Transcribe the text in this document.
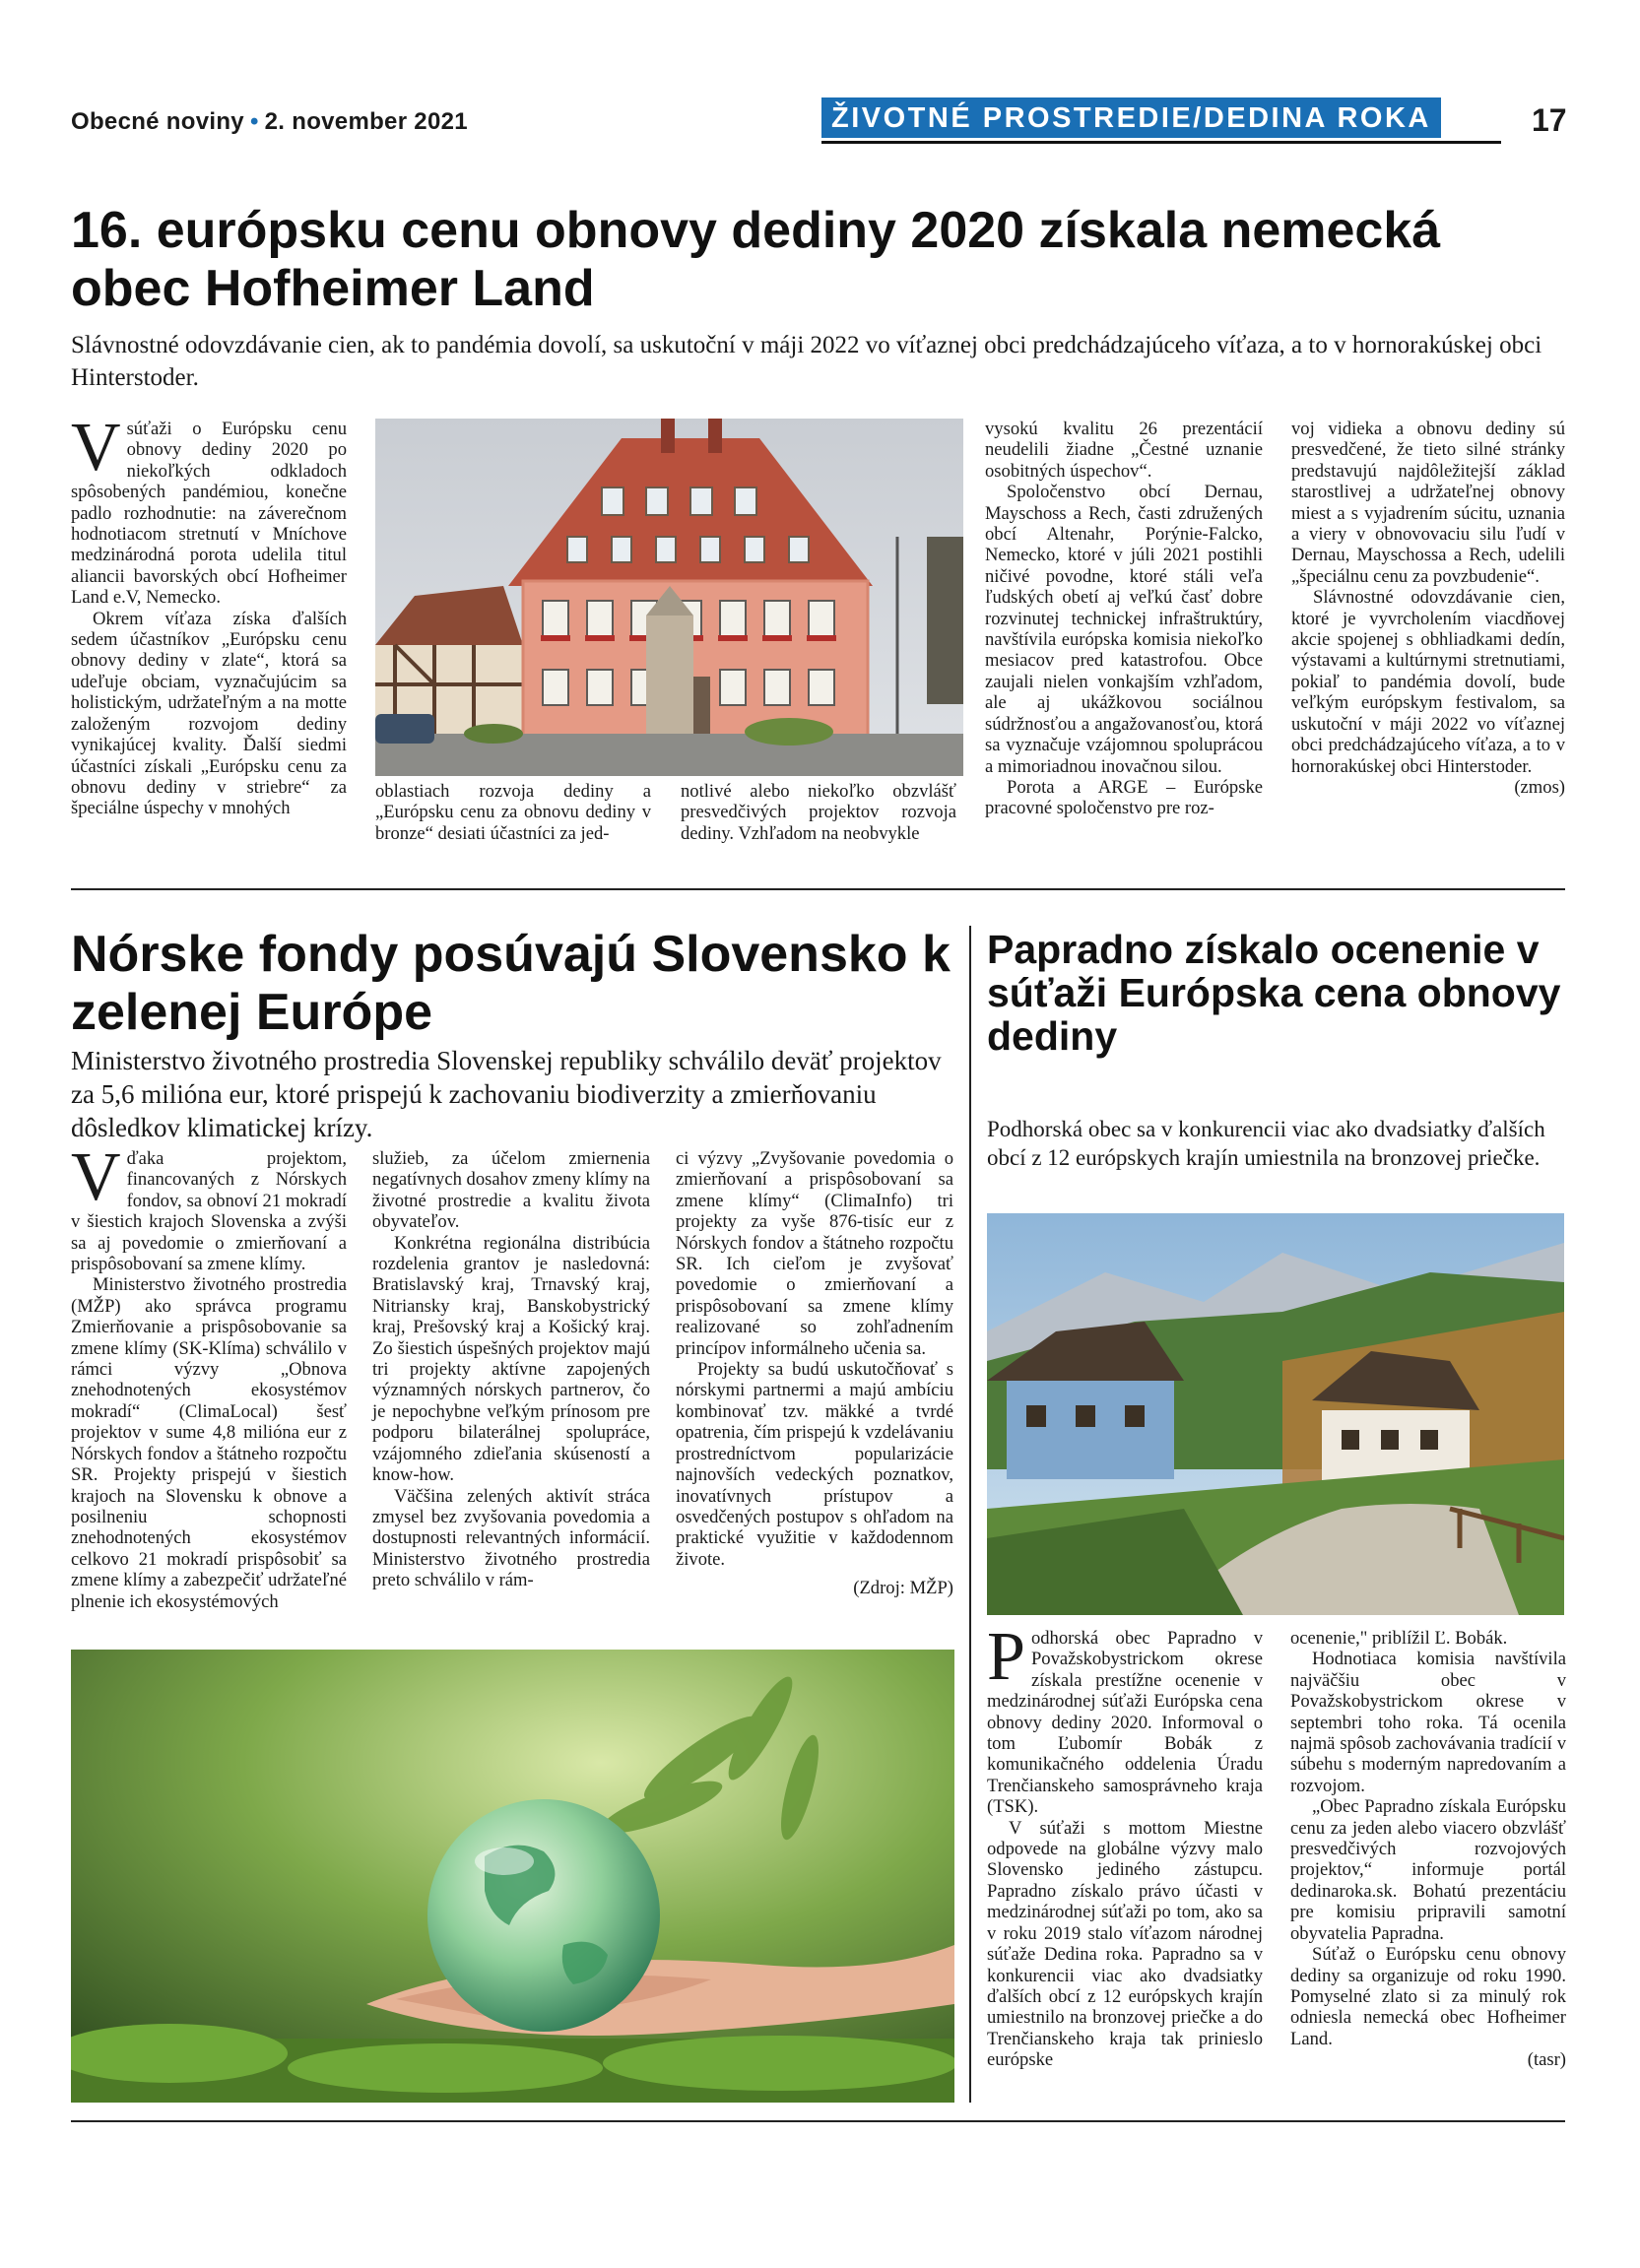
Obecné noviny • 2. november 2021	ŽIVOTNÉ PROSTREDIE/DEDINA ROKA	17
16. európsku cenu obnovy dediny 2020 získala nemecká obec Hofheimer Land
Slávnostné odovzdávanie cien, ak to pandémia dovolí, sa uskutoční v máji 2022 vo víťaznej obci predchádzajúceho víťaza, a to v hornorakúskej obci Hinterstoder.

Vsúťaži o Európsku cenu obnovy dediny 2020 po niekoľkých odkladoch spôsobených pandémiou, konečne padlo rozhodnutie: na záverečnom hodnotiacom stretnutí v Mníchove medzinárodná porota udelila titul aliancii bavorských obcí Hofheimer Land e.V, Nemecko.

Okrem víťaza získa ďalších sedem účastníkov „Európsku cenu obnovy dediny v zlate“, ktorá sa udeľuje obciam, vyznačujúcim sa holistickým, udržateľným a na motte založeným rozvojom dediny vynikajúcej kvality. Ďalší siedmi účastníci získali „Európsku cenu za obnovu dediny v striebre“ za špeciálne úspechy v mnohých

oblastiach rozvoja dediny a „Európsku cenu za obnovu dediny v bronze“ desiati účastníci za jed-

notlivé alebo niekoľko obzvlášť presvedčivých projektov rozvoja dediny. Vzhľadom na neobvykle

vysokú kvalitu 26 prezentácií neudelili žiadne „Čestné uznanie osobitných úspechov“.

Spoločenstvo obcí Dernau, Mayschoss a Rech, časti združených obcí Altenahr, Porýnie-Falcko, Nemecko, ktoré v júli 2021 postihli ničivé povodne, ktoré stáli veľa ľudských obetí aj veľkú časť dobre rozvinutej technickej infraštruktúry, navštívila európska komisia niekoľko mesiacov pred katastrofou. Obce zaujali nielen vonkajším vzhľadom, ale aj ukážkovou sociálnou súdržnosťou a angažovanosťou, ktorá sa vyznačuje vzájomnou spoluprácou a mimoriadnou inovačnou silou.

Porota a ARGE – Európske pracovné spoločenstvo pre roz-

voj vidieka a obnovu dediny sú presvedčené, že tieto silné stránky predstavujú najdôležitejší základ starostlivej a udržateľnej obnovy miest a s vyjadrením súcitu, uznania a viery v obnovovaciu silu ľudí v Dernau, Mayschossa a Rech, udelili „špeciálnu cenu za povzbudenie“.

Slávnostné odovzdávanie cien, ktoré je vyvrcholením viacdňovej akcie spojenej s obhliadkami dedín, výstavami a kultúrnymi stretnutiami, pokiaľ to pandémia dovolí, bude veľkým európskym festivalom, sa uskutoční v máji 2022 vo víťaznej obci predchádzajúceho víťaza, a to v hornorakúskej obci Hinterstoder.

(zmos)

Nórske fondy posúvajú Slovensko k zelenej Európe
Ministerstvo životného prostredia Slovenskej republiky schválilo deväť projektov za 5,6 milióna eur, ktoré prispejú k zachovaniu biodiverzity a zmierňovaniu dôsledkov klimatickej krízy.

Vďaka projektom, financovaných z Nórskych fondov, sa obnoví 21 mokradí v šiestich krajoch Slovenska a zvýši sa aj povedomie o zmierňovaní a prispôsobovaní sa zmene klímy.

Ministerstvo životného prostredia (MŽP) ako správca programu Zmierňovanie a prispôsobovanie sa zmene klímy (SK-Klíma) schválilo v rámci výzvy „Obnova znehodnotených ekosystémov mokradí“ (ClimaLocal) šesť projektov v sume 4,8 milióna eur z Nórskych fondov a štátneho rozpočtu SR. Projekty prispejú v šiestich krajoch na Slovensku k obnove a posilneniu schopnosti znehodnotených ekosystémov celkovo 21 mokradí prispôsobiť sa zmene klímy a zabezpečiť udržateľné plnenie ich ekosystémových

služieb, za účelom zmiernenia negatívnych dosahov zmeny klímy na životné prostredie a kvalitu života obyvateľov.

Konkrétna regionálna distribúcia rozdelenia grantov je nasledovná: Bratislavský kraj, Trnavský kraj, Nitriansky kraj, Banskobystrický kraj, Prešovský kraj a Košický kraj. Zo šiestich úspešných projektov majú tri projekty aktívne zapojených významných nórskych partnerov, čo je nepochybne veľkým prínosom pre podporu bilaterálnej spolupráce, vzájomného zdieľania skúseností a know-how.

Väčšina zelených aktivít stráca zmysel bez zvyšovania povedomia a dostupnosti relevantných informácií. Ministerstvo životného prostredia preto schválilo v rám-

ci výzvy „Zvyšovanie povedomia o zmierňovaní a prispôsobovaní sa zmene klímy“ (ClimaInfo) tri projekty za vyše 876-tisíc eur z Nórskych fondov a štátneho rozpočtu SR. Ich cieľom je zvyšovať povedomie o zmierňovaní a prispôsobovaní sa zmene klímy realizované so zohľadnením princípov informálneho učenia sa.

Projekty sa budú uskutočňovať s nórskymi partnermi a majú ambíciu kombinovať tzv. mäkké a tvrdé opatrenia, čím prispejú k vzdelávaniu prostredníctvom popularizácie najnovších vedeckých poznatkov, inovatívnych prístupov a osvedčených postupov s ohľadom na praktické využitie v každodennom živote.

(Zdroj: MŽP)

Papradno získalo ocenenie v súťaži Európska cena obnovy dediny
Podhorská obec sa v konkurencii viac ako dvadsiatky ďalších obcí z 12 európskych krajín umiestnila na bronzovej priečke.

Podhorská obec Papradno v Považskobystrickom okrese získala prestížne ocenenie v medzinárodnej súťaži Európska cena obnovy dediny 2020. Informoval o tom Ľubomír Bobák z komunikačného oddelenia Úradu Trenčianskeho samosprávneho kraja (TSK).

V súťaži s mottom Miestne odpovede na globálne výzvy malo Slovensko jediného zástupcu. Papradno získalo právo účasti v medzinárodnej súťaži po tom, ako sa v roku 2019 stalo víťazom národnej súťaže Dedina roka. Papradno sa v konkurencii viac ako dvadsiatky ďalších obcí z 12 európskych krajín umiestnilo na bronzovej priečke a do Trenčianskeho kraja tak prinieslo európske

ocenenie," priblížil Ľ. Bobák.

Hodnotiaca komisia navštívila najväčšiu obec v Považskobystrickom okrese v septembri toho roka. Tá ocenila najmä spôsob zachovávania tradícií v súbehu s moderným napredovaním a rozvojom.

„Obec Papradno získala Európsku cenu za jeden alebo viacero obzvlášť presvedčivých rozvojových projektov,“ informuje portál dedinaroka.sk. Bohatú prezentáciu pre komisiu pripravili samotní obyvatelia Papradna.

Súťaž o Európsku cenu obnovy dediny sa organizuje od roku 1990. Pomyselné zlato si za minulý rok odniesla nemecká obec Hofheimer Land.

(tasr)
